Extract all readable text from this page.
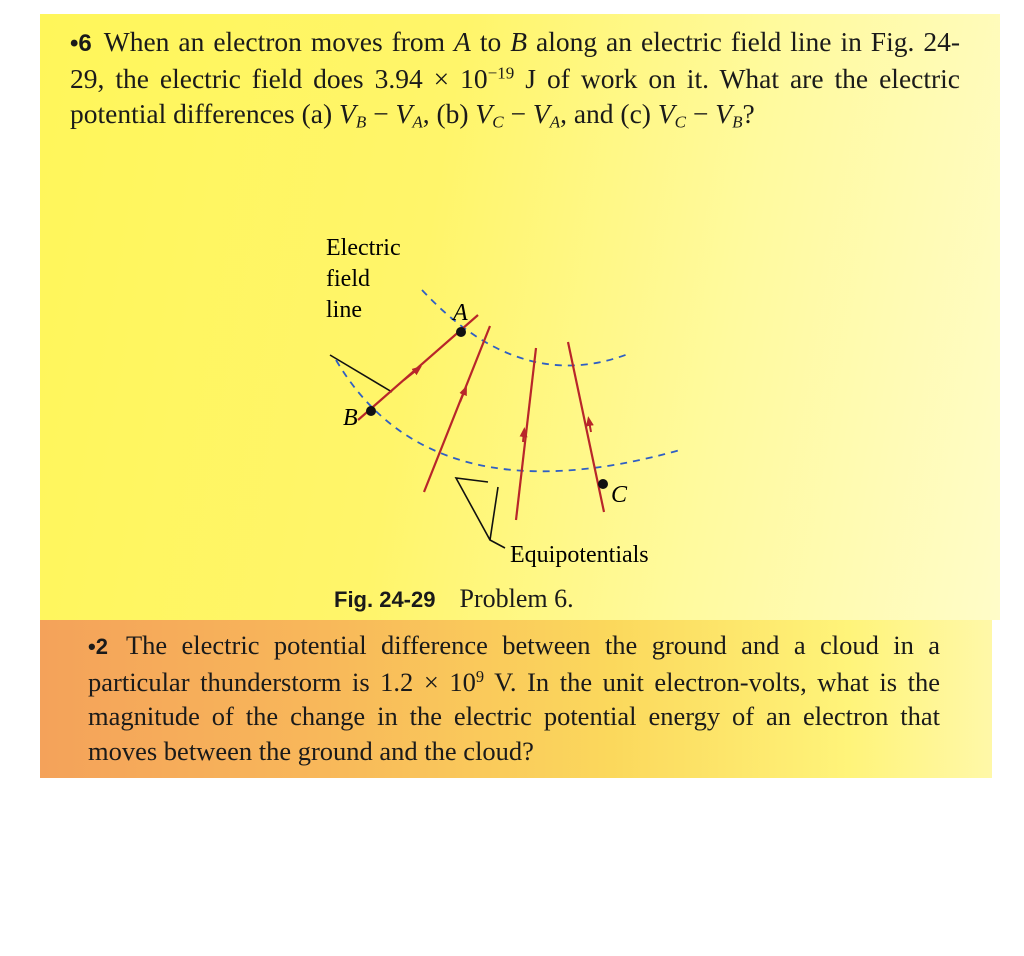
•6 When an electron moves from A to B along an electric field line in Fig. 24-29, the electric field does $3.94 \times 10^{-19}$ J of work on it. What are the electric potential differences (a) $V_B - V_A$, (b) $V_C - V_A$, and (c) $V_C - V_B$?
Electric
field
line	A
B
C
Equipotentials
Fig. 24-29 Problem 6.
•2 The electric potential difference between the ground and a cloud in a particular thunderstorm is $1.2 \times 10^9$ V. In the unit electron-volts, what is the magnitude of the change in the electric potential energy of an electron that moves between the ground and the cloud?
